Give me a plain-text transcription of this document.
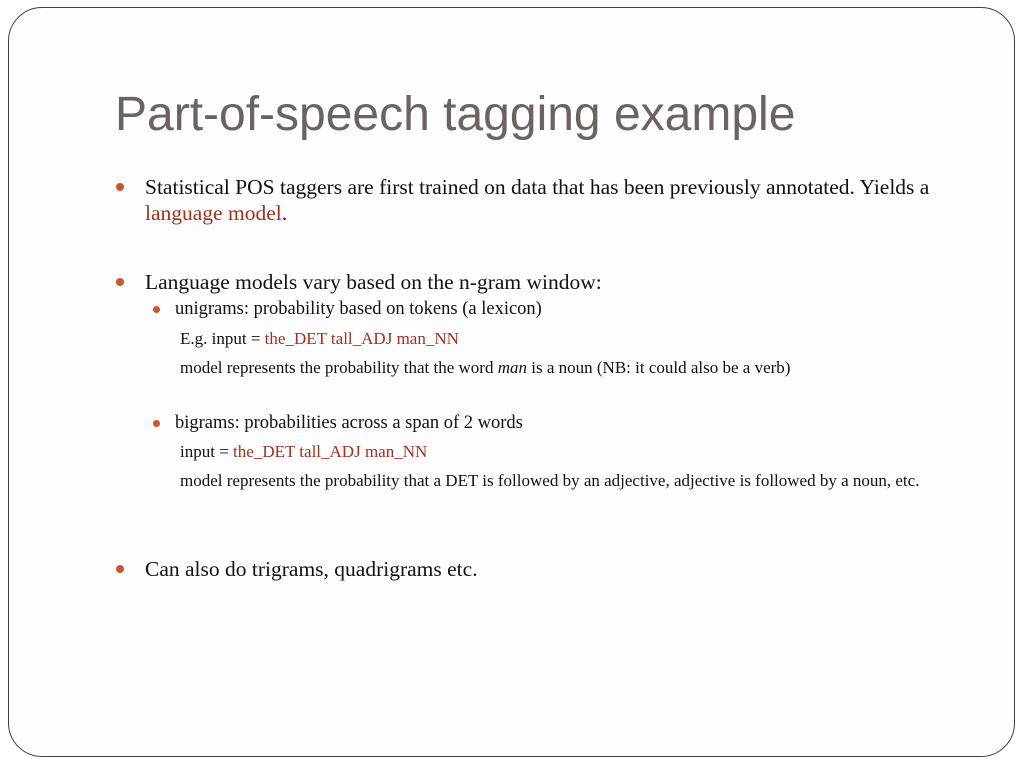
Part-of-speech tagging example
Statistical POS taggers are first trained on data that has been previously annotated. Yields a language model.
Language models vary based on the n-gram window:
unigrams: probability based on tokens (a lexicon)
E.g. input = the_DET tall_ADJ man_NN
model represents the probability that the word man is a noun (NB: it could also be a verb)
bigrams: probabilities across a span of 2 words
input = the_DET tall_ADJ man_NN
model represents the probability that a DET is followed by an adjective, adjective is followed by a noun, etc.
Can also do trigrams, quadrigrams etc.
